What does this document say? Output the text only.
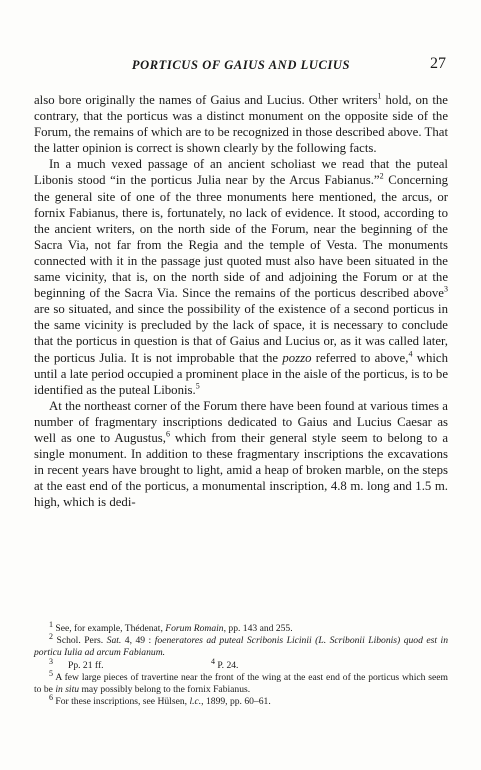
PORTICUS OF GAIUS AND LUCIUS	27

also bore originally the names of Gaius and Lucius. Other writers$^1$ hold, on the contrary, that the porticus was a distinct monument on the opposite side of the Forum, the remains of which are to be recognized in those described above. That the latter opinion is correct is shown clearly by the following facts.

In a much vexed passage of an ancient scholiast we read that the puteal Libonis stood “in the porticus Julia near by the Arcus Fabianus.”$^2$ Concerning the general site of one of the three monuments here mentioned, the arcus, or fornix Fabianus, there is, fortunately, no lack of evidence. It stood, according to the ancient writers, on the north side of the Forum, near the beginning of the Sacra Via, not far from the Regia and the temple of Vesta. The monuments connected with it in the passage just quoted must also have been situated in the same vicinity, that is, on the north side of and adjoining the Forum or at the beginning of the Sacra Via. Since the remains of the porticus described above$^3$ are so situated, and since the possibility of the existence of a second porticus in the same vicinity is precluded by the lack of space, it is necessary to conclude that the porticus in question is that of Gaius and Lucius or, as it was called later, the porticus Julia. It is not improbable that the pozzo referred to above,$^4$ which until a late period occupied a prominent place in the aisle of the porticus, is to be identified as the puteal Libonis.$^5$

At the northeast corner of the Forum there have been found at various times a number of fragmentary inscriptions dedicated to Gaius and Lucius Caesar as well as one to Augustus,$^6$ which from their general style seem to belong to a single monument. In addition to these fragmentary inscriptions the excavations in recent years have brought to light, amid a heap of broken marble, on the steps at the east end of the porticus, a monumental inscription, 4.8 m. long and 1.5 m. high, which is dedi-

$^1$ See, for example, Thédenat, Forum Romain, pp. 143 and 255.

$^2$ Schol. Pers. Sat. 4, 49 : foeneratores ad puteal Scribonis Licinii (L. Scribonii Libonis) quod est in porticu Iulia ad arcum Fabianum.

$^3$Pp. 21 ff.	$^4$ P. 24.

$^5$ A few large pieces of travertine near the front of the wing at the east end of the porticus which seem to be in situ may possibly belong to the fornix Fabianus.

$^6$ For these inscriptions, see Hülsen, l.c., 1899, pp. 60–61.
